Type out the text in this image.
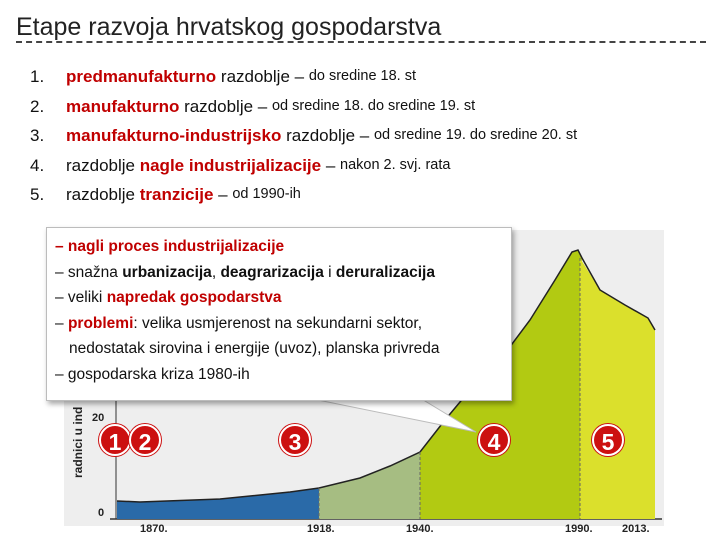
Etape razvoja hrvatskog gospodarstva
1.	predmanufakturno razdoblje – do sredine 18. st
2.	manufakturno razdoblje – od sredine 18. do sredine 19. st
3.	manufakturno-industrijsko razdoblje – od sredine 19. do sredine 20. st
4.	razdoblje nagle industrijalizacije – nakon 2. svj. rata
5.	razdoblje tranzicije – od 1990-ih
1870.	1918.	1940.	1990.	2013.
0
20
radnici u ind
– nagli proces industrijalizacije
– snažna urbanizacija, deagrarizacija i deruralizacija
– veliki napredak gospodarstva
– problemi: velika usmjerenost na sekundarni sektor,
nedostatak sirovina i energije (uvoz), planska privreda
– gospodarska kriza 1980-ih
1 2	3	4	5
